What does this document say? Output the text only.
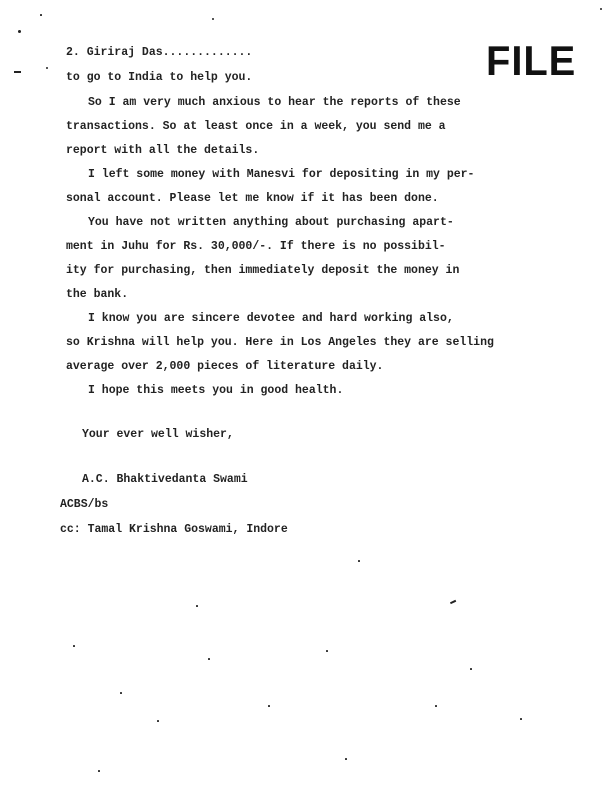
FILE
2. Giriraj Das.............
to go to India to help you.
So I am very much anxious to hear the reports of these
transactions. So at least once in a week, you send me a
report with all the details.
I left some money with Manesvi for depositing in my per-
sonal account. Please let me know if it has been done.
You have not written anything about purchasing apart-
ment in Juhu for Rs. 30,000/-. If there is no possibil-
ity for purchasing, then immediately deposit the money in
the bank.
I know you are sincere devotee and hard working also,
so Krishna will help you. Here in Los Angeles they are selling
average over 2,000 pieces of literature daily.
I hope this meets you in good health.
Your ever well wisher,
A.C. Bhaktivedanta Swami
ACBS/bs
cc: Tamal Krishna Goswami, Indore
